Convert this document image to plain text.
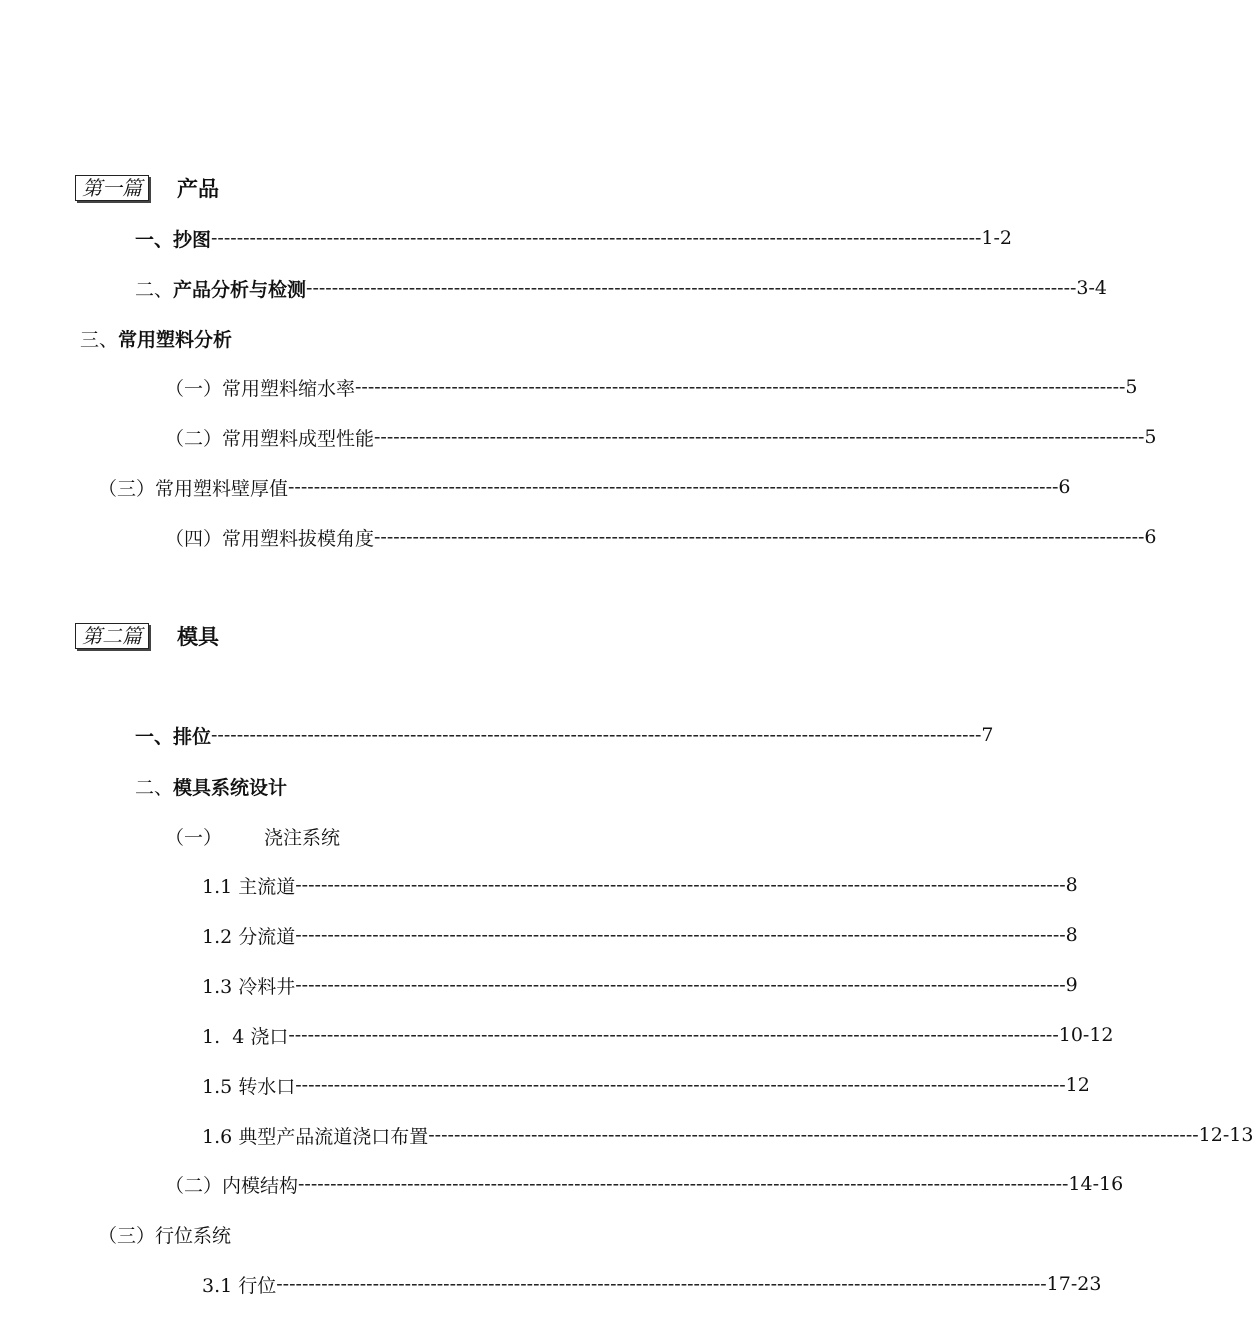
第一篇	产品
一、抄图 ------------------------------------------------------------------------------------------------------------------------ 1-2
二、 产品分析与检测 ------------------------------------------------------------------------------------------------------------------------ 3-4
三、常用塑料分析
（一）常用塑料缩水率 ------------------------------------------------------------------------------------------------------------------------ 5
（二）常用塑料成型性能 ------------------------------------------------------------------------------------------------------------------------ 5
（三）常用塑料壁厚值 ------------------------------------------------------------------------------------------------------------------------ 6
（四）常用塑料拔模角度 ------------------------------------------------------------------------------------------------------------------------ 6
第二篇	模具
一、排位 ------------------------------------------------------------------------------------------------------------------------ 7
二、模具系统设计
（一） 浇注系统
1.1 主流道 ------------------------------------------------------------------------------------------------------------------------ 8
1.2 分流道 ------------------------------------------------------------------------------------------------------------------------ 8
1.3 冷料井 ------------------------------------------------------------------------------------------------------------------------ 9
1.  4 浇口 ------------------------------------------------------------------------------------------------------------------------ 10-12
1.5 转水口 ------------------------------------------------------------------------------------------------------------------------ 12
1.6 典型产品流道浇口布置 ------------------------------------------------------------------------------------------------------------------------ 12-13
（二）内模结构 ------------------------------------------------------------------------------------------------------------------------ 14-16
（三）行位系统
3.1 行位 ------------------------------------------------------------------------------------------------------------------------ 17-23
